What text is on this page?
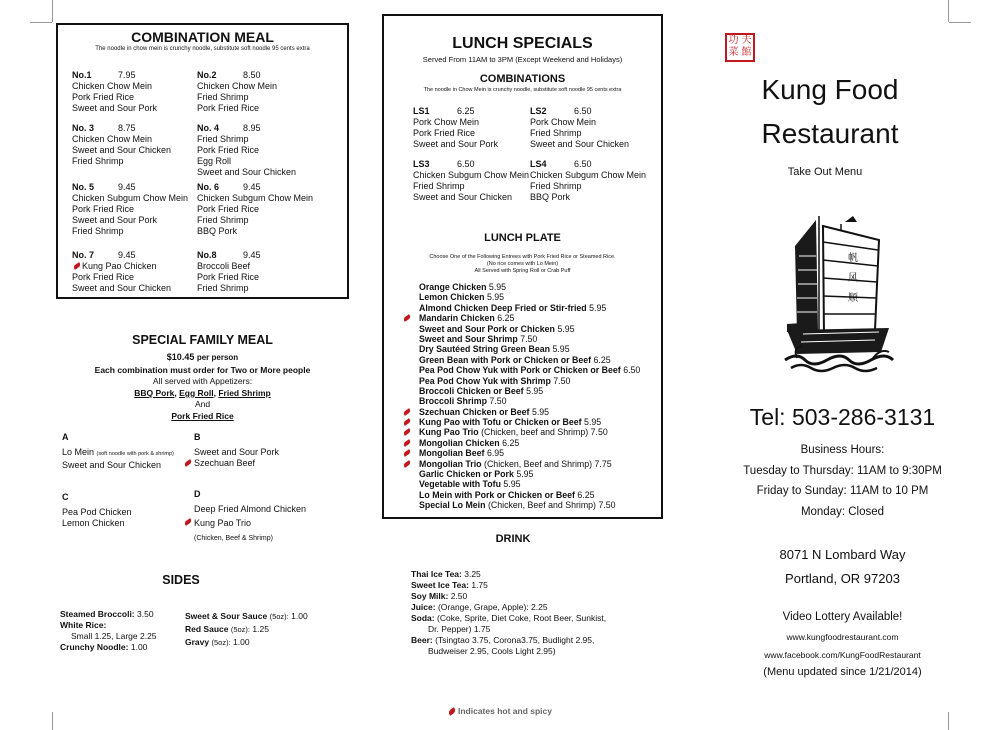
COMBINATION MEAL
The noodle in chow mein is crunchy noodle, substitute soft noodle 95 cents extra
No.1	7.95
Chicken Chow Mein
Pork Fried Rice
Sweet and Sour Pork
No.2	8.50
Chicken Chow Mein
Fried Shrimp
Pork Fried Rice
No. 3	8.75
Chicken Chow Mein
Sweet and Sour Chicken
Fried Shrimp
No. 4	8.95
Fried Shrimp
Pork Fried Rice
Egg Roll
Sweet and Sour Chicken
No. 5	9.45
Chicken Subgum Chow Mein
Pork Fried Rice
Sweet and Sour Pork
Fried Shrimp
No. 6	9.45
Chicken Subgum Chow Mein
Pork Fried Rice
Fried Shrimp
BBQ Pork
No. 7	9.45
Kung Pao Chicken
Pork Fried Rice
Sweet and Sour Chicken
No.8	9.45
Broccoli Beef
Pork Fried Rice
Fried Shrimp
SPECIAL FAMILY MEAL
$10.45 per person
Each combination must order for Two or More people
All served with Appetizers:
BBQ Pork, Egg Roll, Fried Shrimp
And
Pork Fried Rice
A
Lo Mein (soft noodle with pork & shrimp)
Sweet and Sour Chicken
B
Sweet and Sour Pork
Szechuan Beef
C
Pea Pod Chicken
Lemon Chicken
D
Deep Fried Almond Chicken
Kung Pao Trio
(Chicken, Beef & Shrimp)
SIDES
Steamed Broccoli: 3.50
White Rice:
Small 1.25, Large 2.25
Crunchy Noodle: 1.00
Sweet & Sour Sauce (5oz): 1.00
Red Sauce (5oz): 1.25
Gravy (5oz): 1.00
LUNCH SPECIALS
Served From 11AM to 3PM (Except Weekend and Holidays)
COMBINATIONS
The noodle in Chow Mein is crunchy noodle, substitute soft noodle 95 cents extra
LS1	6.25
Pork Chow Mein
Pork Fried Rice
Sweet and Sour Pork
LS2	6.50
Pork Chow Mein
Fried Shrimp
Sweet and Sour Chicken
LS3	6.50
Chicken Subgum Chow Mein
Fried Shrimp
Sweet and Sour Chicken
LS4	6.50
Chicken Subgum Chow Mein
Fried Shrimp
BBQ Pork
LUNCH PLATE
Choose One of the Following Entrees with Pork Fried Rice or Steamed Rice.
(No rice comes with Lo Mein)
All Served with Spring Roll or Crab Puff
Orange Chicken 5.95
Lemon Chicken 5.95
Almond Chicken Deep Fried or Stir-fried 5.95
Mandarin Chicken 6.25
Sweet and Sour Pork or Chicken 5.95
Sweet and Sour Shrimp 7.50
Dry Sautéed String Green Bean 5.95
Green Bean with Pork or Chicken or Beef 6.25
Pea Pod Chow Yuk with Pork or Chicken or Beef 6.50
Pea Pod Chow Yuk with Shrimp 7.50
Broccoli Chicken or Beef 5.95
Broccoli Shrimp 7.50
Szechuan Chicken or Beef 5.95
Kung Pao with Tofu or Chicken or Beef 5.95
Kung Pao Trio (Chicken, beef and Shrimp) 7.50
Mongolian Chicken 6.25
Mongolian Beef 6.95
Mongolian Trio (Chicken, Beef and Shrimp) 7.75
Garlic Chicken or Pork 5.95
Vegetable with Tofu 5.95
Lo Mein with Pork or Chicken or Beef 6.25
Special Lo Mein (Chicken, Beef and Shrimp) 7.50
DRINK
Thai Ice Tea: 3.25
Sweet Ice Tea: 1.75
Soy Milk: 2.50
Juice: (Orange, Grape, Apple): 2.25
Soda: (Coke, Sprite, Diet Coke, Root Beer, Sunkist,
Dr. Pepper) 1.75
Beer: (Tsingtao 3.75, Corona3.75, Budlight 2.95,
Budweiser 2.95, Cools Light 2.95)
功 夫
菜 館
Kung Food
Restaurant
Take Out Menu
帆
风
顺
Tel: 503-286-3131
Business Hours:
Tuesday to Thursday: 11AM to 9:30PM
Friday to Sunday: 11AM to 10 PM
Monday: Closed
8071 N Lombard Way
Portland, OR 97203
Video Lottery Available!
www.kungfoodrestaurant.com
www.facebook.com/KungFoodRestaurant
(Menu updated since 1/21/2014)
Indicates hot and spicy
